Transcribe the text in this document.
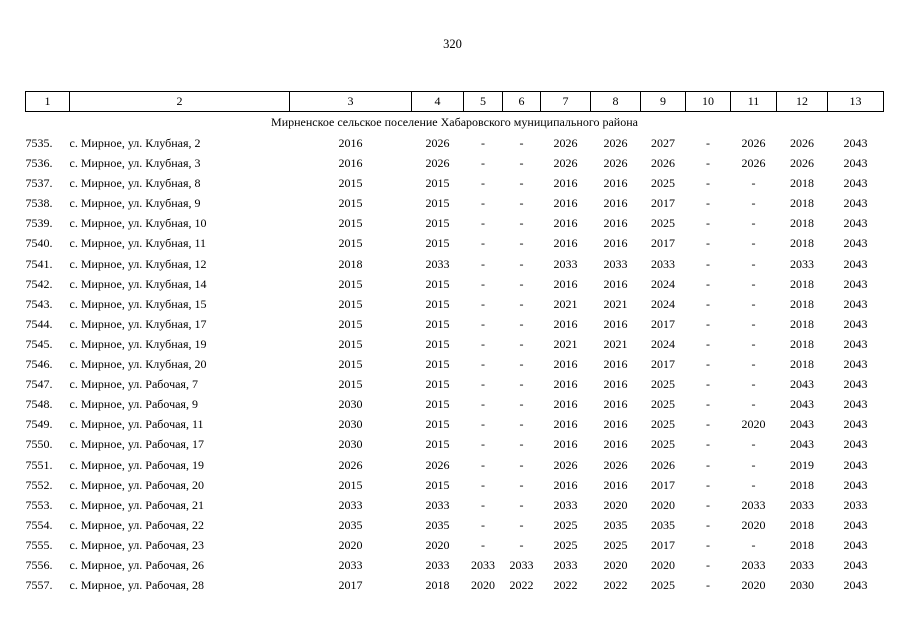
320
1	2	3	4	5	6	7	8	9	10	11	12	13
Мирненское сельское поселение Хабаровского муниципального района												
7535.	с. Мирное, ул. Клубная, 2	2016	2026	-	-	2026	2026	2027	-	2026	2026	2043
7536.	с. Мирное, ул. Клубная, 3	2016	2026	-	-	2026	2026	2026	-	2026	2026	2043
7537.	с. Мирное, ул. Клубная, 8	2015	2015	-	-	2016	2016	2025	-	-	2018	2043
7538.	с. Мирное, ул. Клубная, 9	2015	2015	-	-	2016	2016	2017	-	-	2018	2043
7539.	с. Мирное, ул. Клубная, 10	2015	2015	-	-	2016	2016	2025	-	-	2018	2043
7540.	с. Мирное, ул. Клубная, 11	2015	2015	-	-	2016	2016	2017	-	-	2018	2043
7541.	с. Мирное, ул. Клубная, 12	2018	2033	-	-	2033	2033	2033	-	-	2033	2043
7542.	с. Мирное, ул. Клубная, 14	2015	2015	-	-	2016	2016	2024	-	-	2018	2043
7543.	с. Мирное, ул. Клубная, 15	2015	2015	-	-	2021	2021	2024	-	-	2018	2043
7544.	с. Мирное, ул. Клубная, 17	2015	2015	-	-	2016	2016	2017	-	-	2018	2043
7545.	с. Мирное, ул. Клубная, 19	2015	2015	-	-	2021	2021	2024	-	-	2018	2043
7546.	с. Мирное, ул. Клубная, 20	2015	2015	-	-	2016	2016	2017	-	-	2018	2043
7547.	с. Мирное, ул. Рабочая, 7	2015	2015	-	-	2016	2016	2025	-	-	2043	2043
7548.	с. Мирное, ул. Рабочая, 9	2030	2015	-	-	2016	2016	2025	-	-	2043	2043
7549.	с. Мирное, ул. Рабочая, 11	2030	2015	-	-	2016	2016	2025	-	2020	2043	2043
7550.	с. Мирное, ул. Рабочая, 17	2030	2015	-	-	2016	2016	2025	-	-	2043	2043
7551.	с. Мирное, ул. Рабочая, 19	2026	2026	-	-	2026	2026	2026	-	-	2019	2043
7552.	с. Мирное, ул. Рабочая, 20	2015	2015	-	-	2016	2016	2017	-	-	2018	2043
7553.	с. Мирное, ул. Рабочая, 21	2033	2033	-	-	2033	2020	2020	-	2033	2033	2033
7554.	с. Мирное, ул. Рабочая, 22	2035	2035	-	-	2025	2035	2035	-	2020	2018	2043
7555.	с. Мирное, ул. Рабочая, 23	2020	2020	-	-	2025	2025	2017	-	-	2018	2043
7556.	с. Мирное, ул. Рабочая, 26	2033	2033	2033	2033	2033	2020	2020	-	2033	2033	2043
7557.	с. Мирное, ул. Рабочая, 28	2017	2018	2020	2022	2022	2022	2025	-	2020	2030	2043
